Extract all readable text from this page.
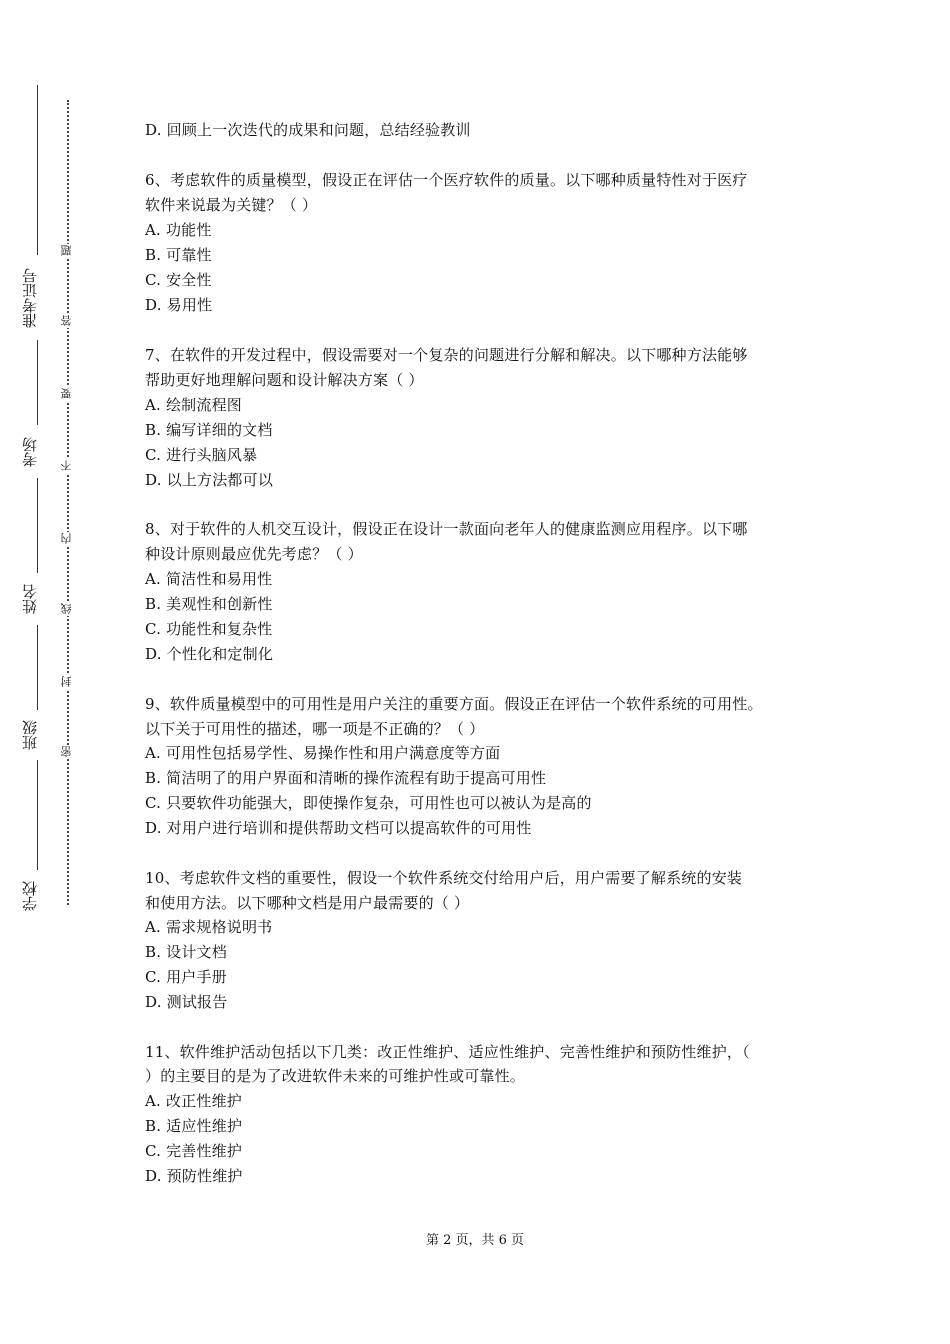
准考证号
考场
姓名
班级
学校
题
答
要
不
内
线
封
密
D. 回顾上一次迭代的成果和问题，总结经验教训
6、考虑软件的质量模型，假设正在评估一个医疗软件的质量。以下哪种质量特性对于医疗
软件来说最为关键？（ ）
A. 功能性
B. 可靠性
C. 安全性
D. 易用性
7、在软件的开发过程中，假设需要对一个复杂的问题进行分解和解决。以下哪种方法能够
帮助更好地理解问题和设计解决方案（ ）
A. 绘制流程图
B. 编写详细的文档
C. 进行头脑风暴
D. 以上方法都可以
8、对于软件的人机交互设计，假设正在设计一款面向老年人的健康监测应用程序。以下哪
种设计原则最应优先考虑？（ ）
A. 简洁性和易用性
B. 美观性和创新性
C. 功能性和复杂性
D. 个性化和定制化
9、软件质量模型中的可用性是用户关注的重要方面。假设正在评估一个软件系统的可用性。
以下关于可用性的描述，哪一项是不正确的？（ ）
A. 可用性包括易学性、易操作性和用户满意度等方面
B. 简洁明了的用户界面和清晰的操作流程有助于提高可用性
C. 只要软件功能强大，即使操作复杂，可用性也可以被认为是高的
D. 对用户进行培训和提供帮助文档可以提高软件的可用性
10、考虑软件文档的重要性，假设一个软件系统交付给用户后，用户需要了解系统的安装
和使用方法。以下哪种文档是用户最需要的（ ）
A. 需求规格说明书
B. 设计文档
C. 用户手册
D. 测试报告
11、软件维护活动包括以下几类：改正性维护、适应性维护、完善性维护和预防性维护，（
）的主要目的是为了改进软件未来的可维护性或可靠性。
A. 改正性维护
B. 适应性维护
C. 完善性维护
D. 预防性维护
第 2 页，共 6 页
